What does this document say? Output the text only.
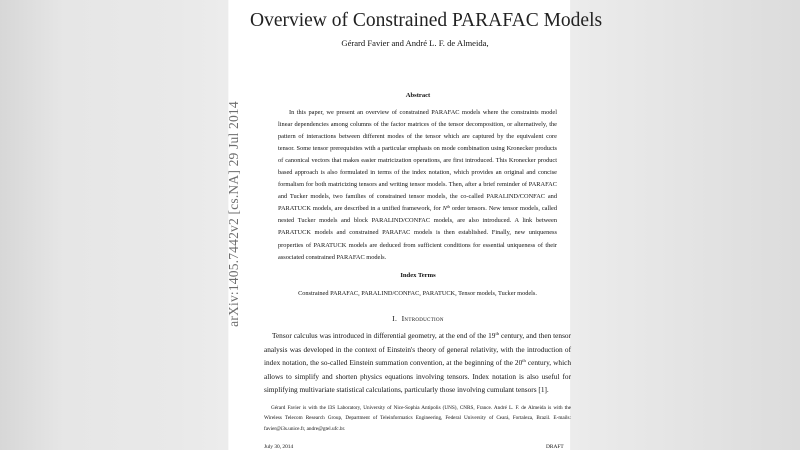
arXiv:1405.7442v2 [cs.NA] 29 Jul 2014
Overview of Constrained PARAFAC Models
Gérard Favier and André L. F. de Almeida,
Abstract

In this paper, we present an overview of constrained PARAFAC models where the constraints model linear dependencies among columns of the factor matrices of the tensor decomposition, or alternatively, the pattern of interactions between different modes of the tensor which are captured by the equivalent core tensor. Some tensor prerequisites with a particular emphasis on mode combination using Kronecker products of canonical vectors that makes easier matricization operations, are first introduced. This Kronecker product based approach is also formulated in terms of the index notation, which provides an original and concise formalism for both matricizing tensors and writing tensor models. Then, after a brief reminder of PARAFAC and Tucker models, two families of constrained tensor models, the co-called PARALIND/CONFAC and PARATUCK models, are described in a unified framework, for $N^{th}$ order tensors. New tensor models, called nested Tucker models and block PARALIND/CONFAC models, are also introduced. A link between PARATUCK models and constrained PARAFAC models is then established. Finally, new uniqueness properties of PARATUCK models are deduced from sufficient conditions for essential uniqueness of their associated constrained PARAFAC models.

Index Terms
Constrained PARAFAC, PARALIND/CONFAC, PARATUCK, Tensor models, Tucker models.
I. Introduction

Tensor calculus was introduced in differential geometry, at the end of the 19th century, and then tensor analysis was developed in the context of Einstein's theory of general relativity, with the introduction of index notation, the so-called Einstein summation convention, at the beginning of the 20th century, which allows to simplify and shorten physics equations involving tensors. Index notation is also useful for simplifying multivariate statistical calculations, particularly those involving cumulant tensors [1].

Gérard Favier is with the I3S Laboratory, University of Nice-Sophia Antipolis (UNS), CNRS, France. André L. F. de Almeida is with the Wireless Telecom Research Group, Department of Teleinformatics Engineering, Federal University of Ceará, Fortaleza, Brazil. E-mails: favier@i3s.unice.fr, andre@gtel.ufc.br.

July 30, 2014	DRAFT
